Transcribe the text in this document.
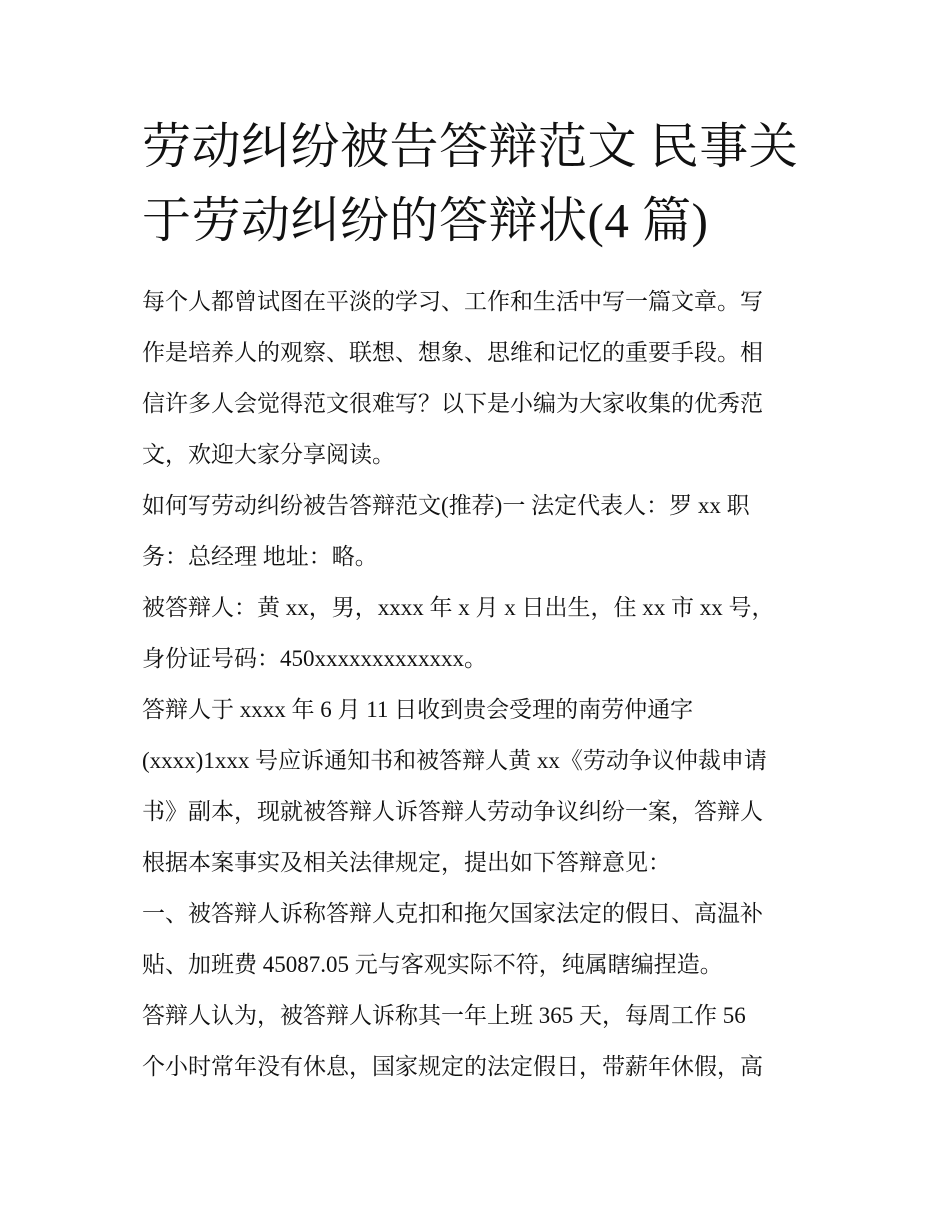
劳动纠纷被告答辩范文 民事关
于劳动纠纷的答辩状(4 篇)
每个人都曾试图在平淡的学习、工作和生活中写一篇文章。写
作是培养人的观察、联想、想象、思维和记忆的重要手段。相
信许多人会觉得范文很难写？以下是小编为大家收集的优秀范
文，欢迎大家分享阅读。
如何写劳动纠纷被告答辩范文(推荐)一 法定代表人：罗 xx 职
务：总经理 地址：略。
被答辩人：黄 xx，男，xxxx 年 x 月 x 日出生，住 xx 市 xx 号，
身份证号码：450xxxxxxxxxxxxx。
答辩人于 xxxx 年 6 月 11 日收到贵会受理的南劳仲通字
(xxxx)1xxx 号应诉通知书和被答辩人黄 xx《劳动争议仲裁申请
书》副本，现就被答辩人诉答辩人劳动争议纠纷一案，答辩人
根据本案事实及相关法律规定，提出如下答辩意见：
一、被答辩人诉称答辩人克扣和拖欠国家法定的假日、高温补
贴、加班费 45087.05 元与客观实际不符，纯属瞎编捏造。
答辩人认为，被答辩人诉称其一年上班 365 天，每周工作 56
个小时常年没有休息，国家规定的法定假日，带薪年休假，高
